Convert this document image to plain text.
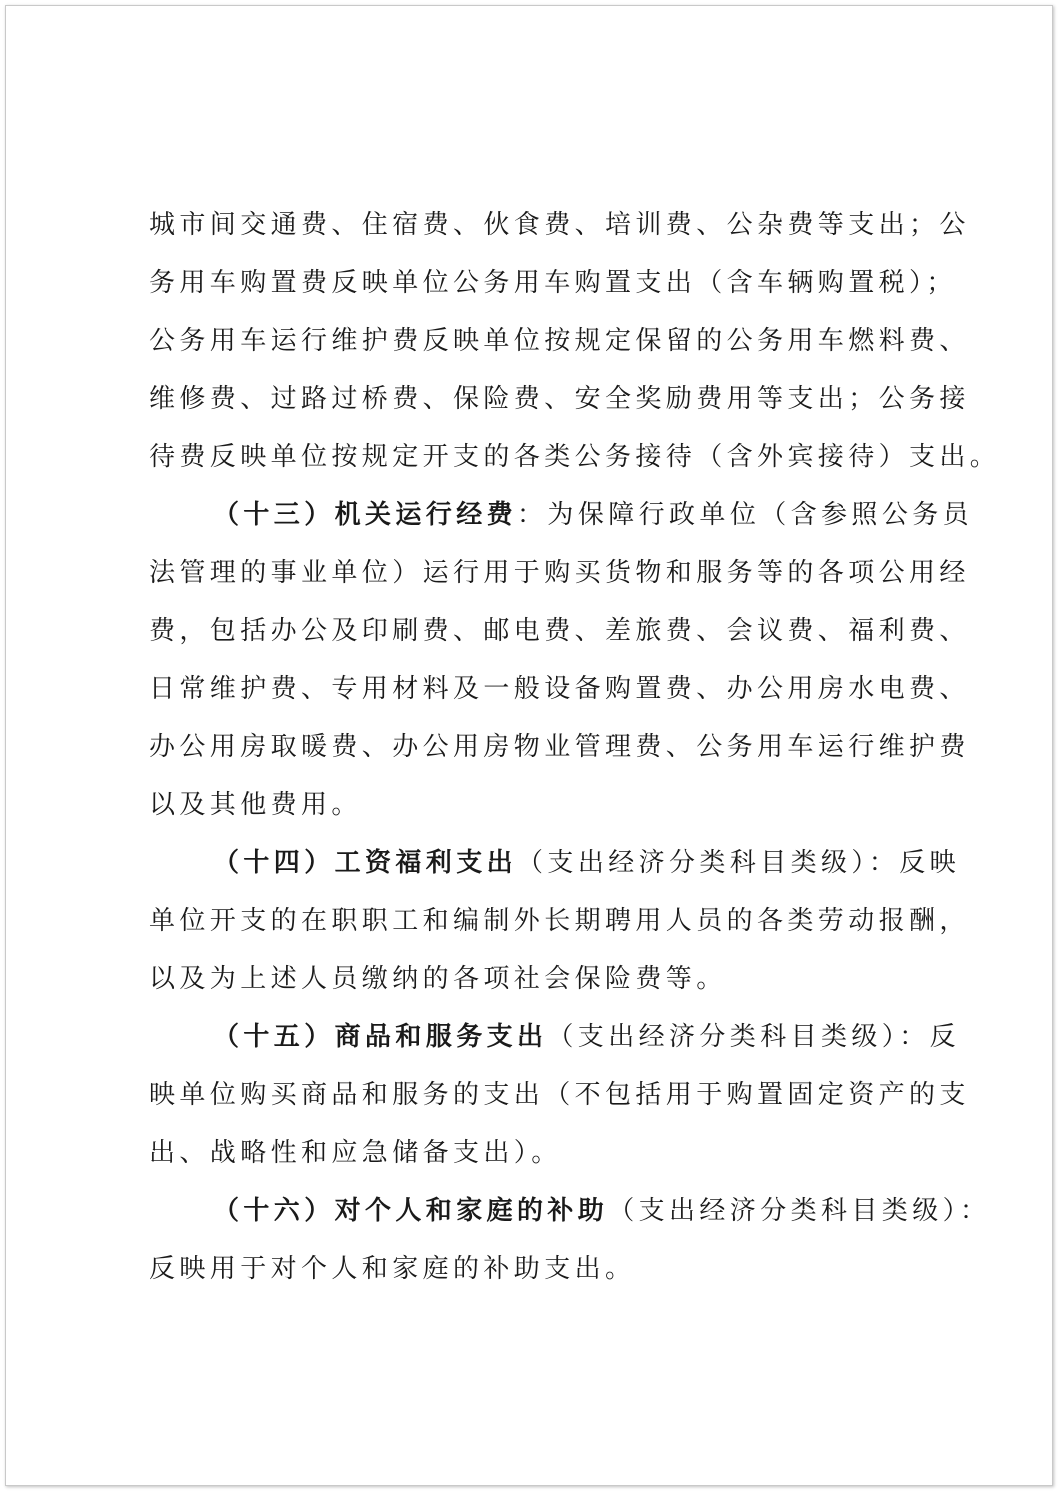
城市间交通费、住宿费、伙食费、培训费、公杂费等支出；公
务用车购置费反映单位公务用车购置支出（含车辆购置税）；
公务用车运行维护费反映单位按规定保留的公务用车燃料费、
维修费、过路过桥费、保险费、安全奖励费用等支出；公务接
待费反映单位按规定开支的各类公务接待（含外宾接待）支出。
（十三）机关运行经费：为保障行政单位（含参照公务员
法管理的事业单位）运行用于购买货物和服务等的各项公用经
费，包括办公及印刷费、邮电费、差旅费、会议费、福利费、
日常维护费、专用材料及一般设备购置费、办公用房水电费、
办公用房取暖费、办公用房物业管理费、公务用车运行维护费
以及其他费用。
（十四）工资福利支出（支出经济分类科目类级）：反映
单位开支的在职职工和编制外长期聘用人员的各类劳动报酬，
以及为上述人员缴纳的各项社会保险费等。
（十五）商品和服务支出（支出经济分类科目类级）：反
映单位购买商品和服务的支出（不包括用于购置固定资产的支
出、战略性和应急储备支出）。
（十六）对个人和家庭的补助（支出经济分类科目类级）：
反映用于对个人和家庭的补助支出。
